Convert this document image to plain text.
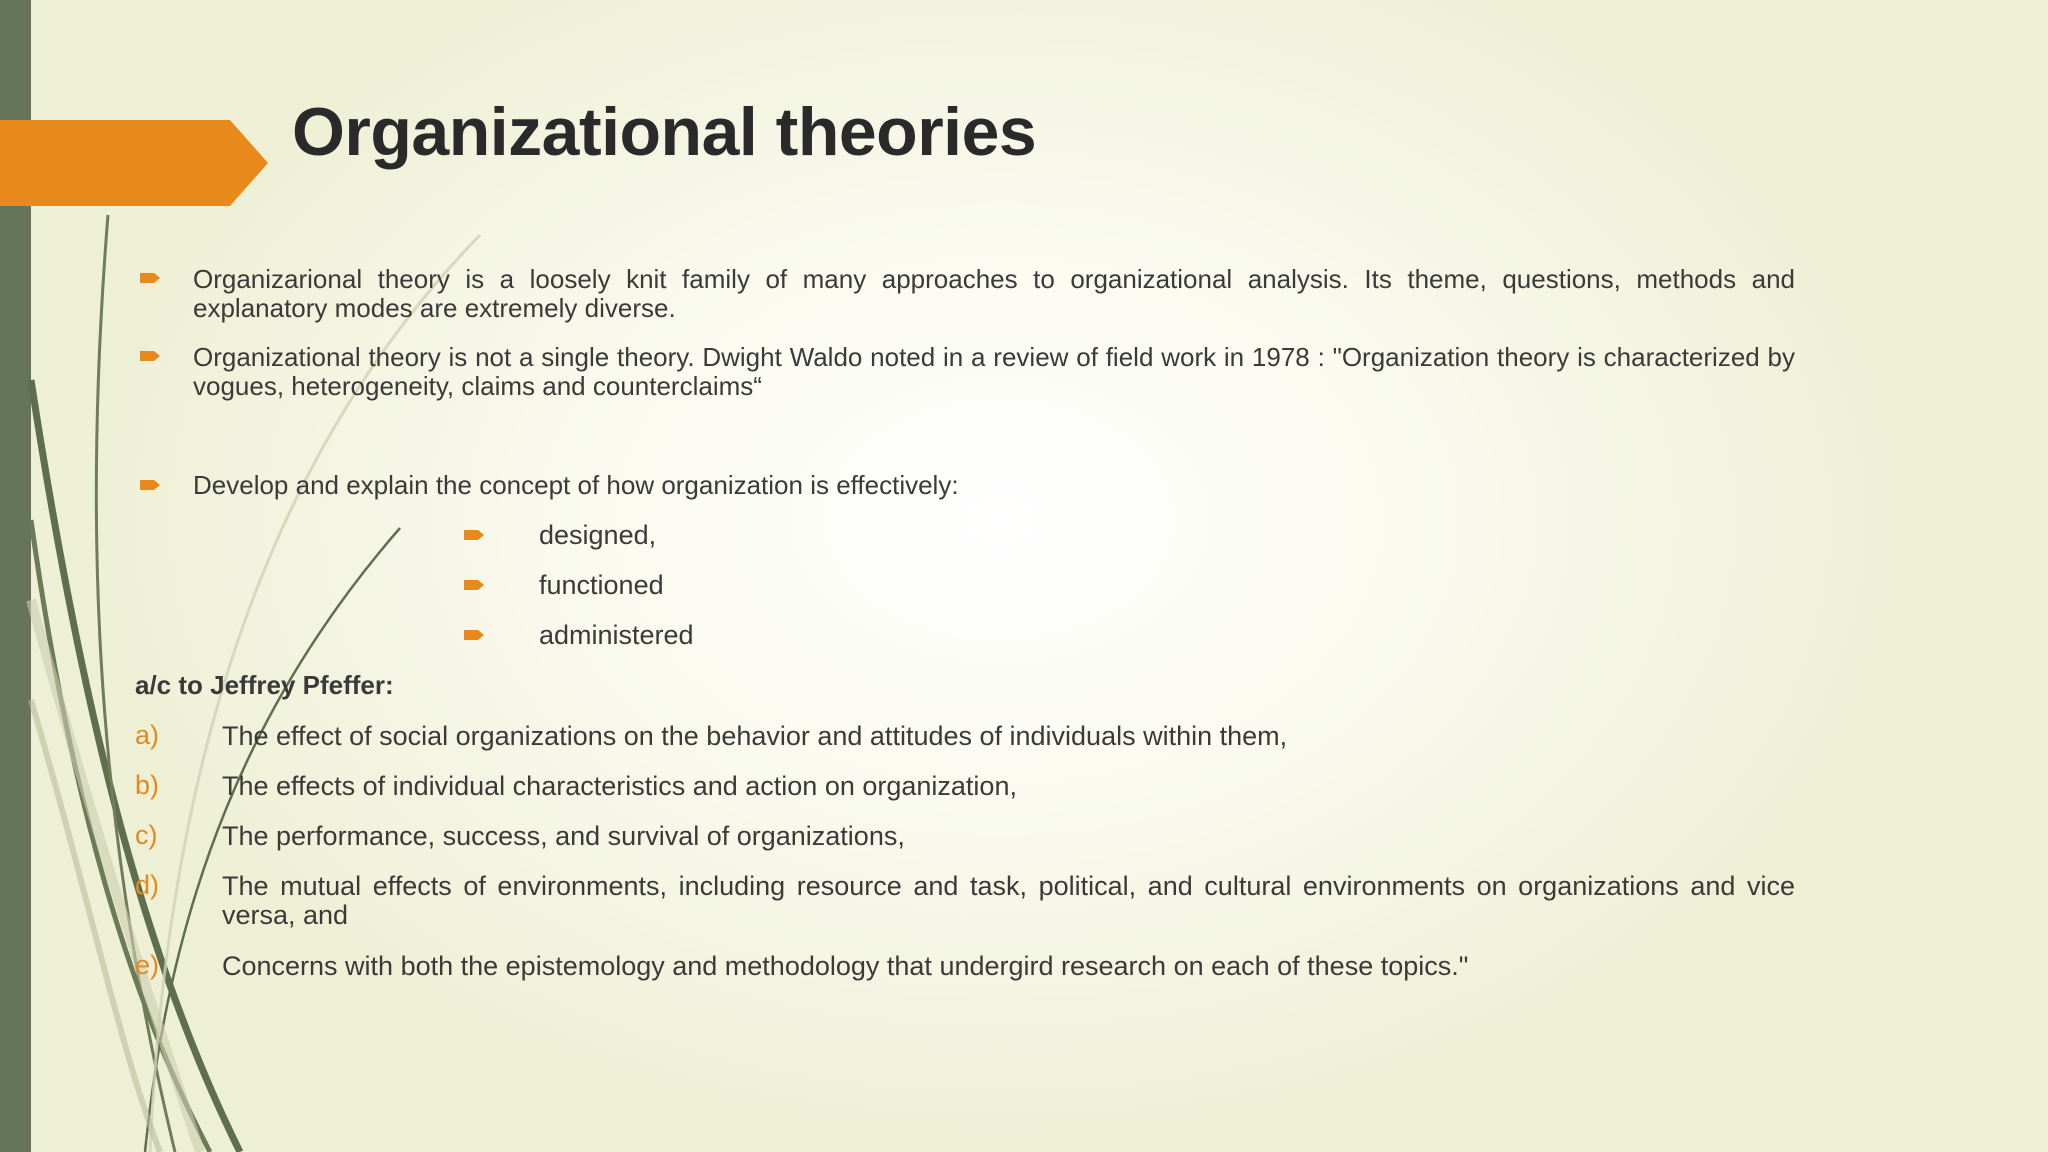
Organizational theories
Organizarional theory is a loosely knit family of many approaches to organizational analysis. Its theme, questions, methods and explanatory modes are extremely diverse.
Organizational theory is not a single theory. Dwight Waldo noted in a review of field work in 1978 : "Organization theory is characterized by vogues, heterogeneity, claims and counterclaims“
Develop and explain the concept of how organization is effectively:
designed,
functioned
administered
a/c to Jeffrey Pfeffer:
a) The effect of social organizations on the behavior and attitudes of individuals within them,
b) The effects of individual characteristics and action on organization,
c) The performance, success, and survival of organizations,
d) The mutual effects of environments, including resource and task, political, and cultural environments on organizations and vice versa, and
e) Concerns with both the epistemology and methodology that undergird research on each of these topics."
